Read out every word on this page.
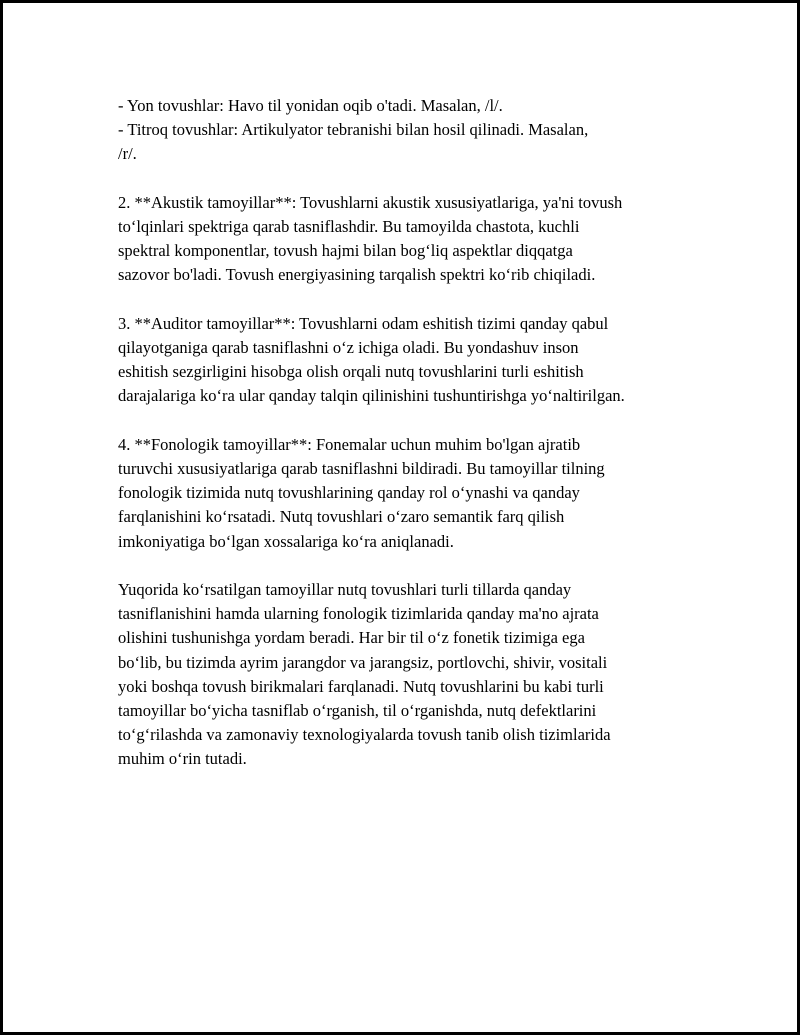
- Yon tovushlar: Havo til yonidan oqib o'tadi. Masalan, /l/.

- Titroq tovushlar: Artikulyator tebranishi bilan hosil qilinadi. Masalan,

/r/.

2. **Akustik tamoyillar**: Tovushlarni akustik xususiyatlariga, ya'ni tovush

to‘lqinlari spektriga qarab tasniflashdir. Bu tamoyilda chastota, kuchli

spektral komponentlar, tovush hajmi bilan bog‘liq aspektlar diqqatga

sazovor bo'ladi. Tovush energiyasining tarqalish spektri ko‘rib chiqiladi.

3. **Auditor tamoyillar**: Tovushlarni odam eshitish tizimi qanday qabul

qilayotganiga qarab tasniflashni o‘z ichiga oladi. Bu yondashuv inson

eshitish sezgirligini hisobga olish orqali nutq tovushlarini turli eshitish

darajalariga ko‘ra ular qanday talqin qilinishini tushuntirishga yo‘naltirilgan.

4. **Fonologik tamoyillar**: Fonemalar uchun muhim bo'lgan ajratib

turuvchi xususiyatlariga qarab tasniflashni bildiradi. Bu tamoyillar tilning

fonologik tizimida nutq tovushlarining qanday rol o‘ynashi va qanday

farqlanishini ko‘rsatadi. Nutq tovushlari o‘zaro semantik farq qilish

imkoniyatiga bo‘lgan xossalariga ko‘ra aniqlanadi.

Yuqorida ko‘rsatilgan tamoyillar nutq tovushlari turli tillarda qanday

tasniflanishini hamda ularning fonologik tizimlarida qanday ma'no ajrata

olishini tushunishga yordam beradi. Har bir til o‘z fonetik tizimiga ega

bo‘lib, bu tizimda ayrim jarangdor va jarangsiz, portlovchi, shivir, vositali

yoki boshqa tovush birikmalari farqlanadi. Nutq tovushlarini bu kabi turli

tamoyillar bo‘yicha tasniflab o‘rganish, til o‘rganishda, nutq defektlarini

to‘g‘rilashda va zamonaviy texnologiyalarda tovush tanib olish tizimlarida

muhim o‘rin tutadi.
